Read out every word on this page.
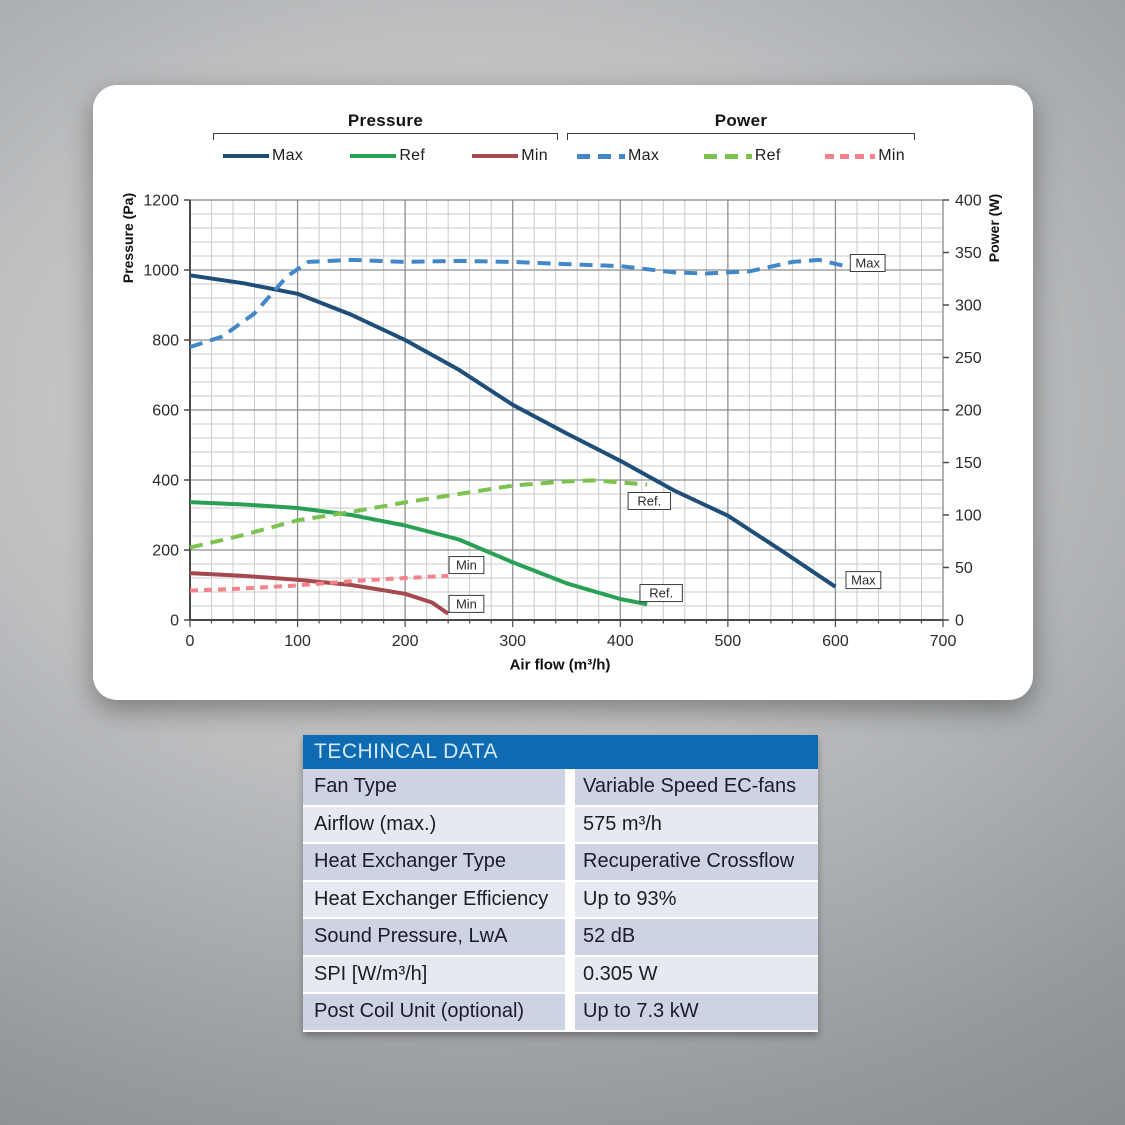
Pressure
Max	Ref	Min
Power
Max	Ref	Min
Pressure (Pa)	Power (W)
Air flow (m³/h)
0	100	200	300	400	500	600	700
0
200
400
600
800
1000
1200
0
50
100
150
200
250
300
350
400
Max
Max
Ref.
Ref.
Min
Min
TECHINCAL DATA
Fan Type	Variable Speed EC-fans
Airflow (max.)	575 m³/h
Heat Exchanger Type	Recuperative Crossflow
Heat Exchanger Efficiency	Up to 93%
Sound Pressure, LwA	52 dB
SPI [W/m³/h]	0.305 W
Post Coil Unit (optional)	Up to 7.3 kW
